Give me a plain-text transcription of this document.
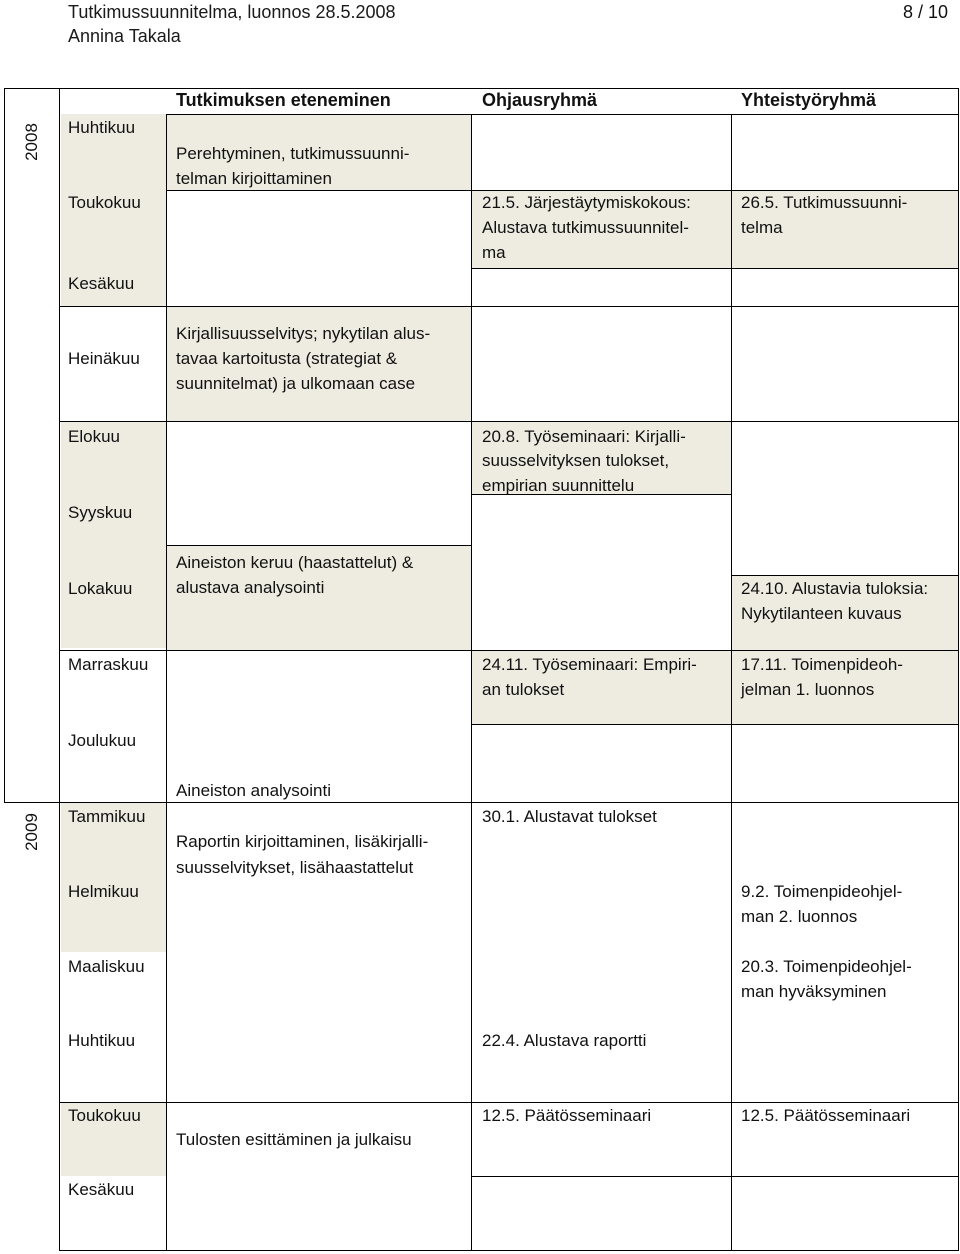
Tutkimussuunnitelma, luonnos 28.5.2008
Annina Takala
8 / 10
2008
2009
Tutkimuksen eteneminen	Ohjausryhmä	Yhteistyöryhmä
Huhtikuu
Toukokuu
Kesäkuu
Heinäkuu
Elokuu
Syyskuu
Lokakuu
Marraskuu
Joulukuu
Tammikuu
Helmikuu
Maaliskuu
Huhtikuu
Toukokuu
Kesäkuu
Perehtyminen, tutkimussuunni-
telman kirjoittaminen
Kirjallisuusselvitys; nykytilan alus-
tavaa kartoitusta (strategiat &
suunnitelmat) ja ulkomaan case
Aineiston keruu (haastattelut) &
alustava analysointi
Aineiston analysointi
Raportin kirjoittaminen, lisäkirjalli-
suusselvitykset, lisähaastattelut
Tulosten esittäminen ja julkaisu
21.5. Järjestäytymiskokous:
Alustava tutkimussuunnitel-
ma
20.8. Työseminaari: Kirjalli-
suusselvityksen tulokset,
empirian suunnittelu
24.11. Työseminaari: Empiri-
an tulokset
30.1. Alustavat tulokset
22.4. Alustava raportti
12.5. Päätösseminaari
26.5. Tutkimussuunni-
telma
24.10. Alustavia tuloksia:
Nykytilanteen kuvaus
17.11. Toimenpideoh-
jelman 1. luonnos
9.2. Toimenpideohjel-
man 2. luonnos
20.3. Toimenpideohjel-
man hyväksyminen
12.5. Päätösseminaari
